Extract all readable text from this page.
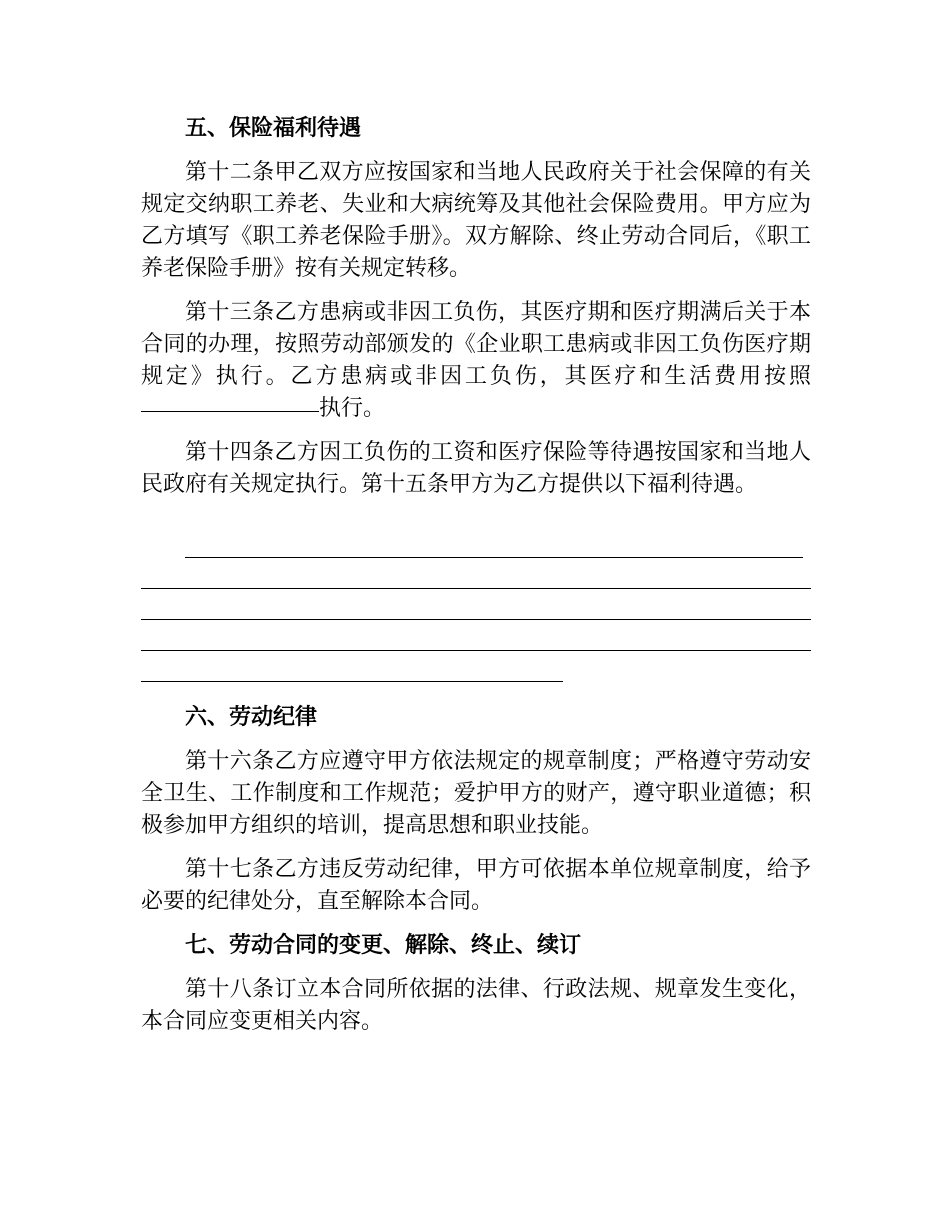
五、保险福利待遇

第十二条甲乙双方应按国家和当地人民政府关于社会保障的有关规定交纳职工养老、失业和大病统筹及其他社会保险费用。甲方应为乙方填写《职工养老保险手册》。双方解除、终止劳动合同后，《职工养老保险手册》按有关规定转移。

第十三条乙方患病或非因工负伤，其医疗期和医疗期满后关于本合同的办理，按照劳动部颁发的《企业职工患病或非因工负伤医疗期规定》执行。乙方患病或非因工负伤，其医疗和生活费用按照执行。

第十四条乙方因工负伤的工资和医疗保险等待遇按国家和当地人民政府有关规定执行。第十五条甲方为乙方提供以下福利待遇。

六、劳动纪律

第十六条乙方应遵守甲方依法规定的规章制度；严格遵守劳动安全卫生、工作制度和工作规范；爱护甲方的财产，遵守职业道德；积极参加甲方组织的培训，提高思想和职业技能。

第十七条乙方违反劳动纪律，甲方可依据本单位规章制度，给予必要的纪律处分，直至解除本合同。

七、劳动合同的变更、解除、终止、续订

第十八条订立本合同所依据的法律、行政法规、规章发生变化，本合同应变更相关内容。
